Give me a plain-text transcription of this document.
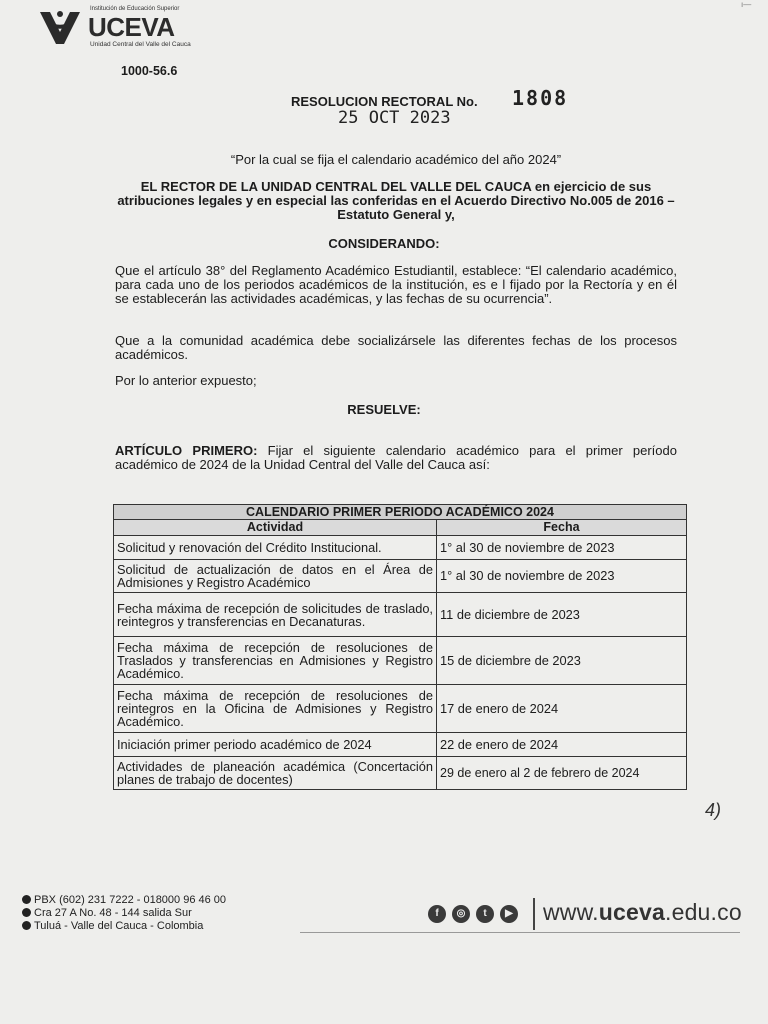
Institución de Educación Superior
UCEVA
Unidad Central del Valle del Cauca
ı—
1000-56.6
RESOLUCION RECTORAL No. 1808
25 OCT 2023
“Por la cual se fija el calendario académico del año 2024”
EL RECTOR DE LA UNIDAD CENTRAL DEL VALLE DEL CAUCA en ejercicio de sus atribuciones legales y en especial las conferidas en el Acuerdo Directivo No.005 de 2016 – Estatuto General y,
CONSIDERANDO:
Que el artículo 38° del Reglamento Académico Estudiantil, establece: “El calendario académico, para cada uno de los periodos académicos de la institución, es e l fijado por la Rectoría y en él se establecerán las actividades académicas, y las fechas de su ocurrencia”.
Que a la comunidad académica debe socializársele las diferentes fechas de los procesos académicos.
Por lo anterior expuesto;
RESUELVE:
ARTÍCULO PRIMERO: Fijar el siguiente calendario académico para el primer período académico de 2024 de la Unidad Central del Valle del Cauca así:
CALENDARIO PRIMER PERIODO ACADÉMICO 2024	
Actividad	Fecha
Solicitud y renovación del Crédito Institucional.	1° al 30 de noviembre de 2023
Solicitud de actualización de datos en el Área de Admisiones y Registro Académico	1° al 30 de noviembre de 2023
Fecha máxima de recepción de solicitudes de traslado, reintegros y transferencias en Decanaturas.	11 de diciembre de 2023
Fecha máxima de recepción de resoluciones de Traslados y transferencias en Admisiones y Registro Académico.	15 de diciembre de 2023
Fecha máxima de recepción de resoluciones de reintegros en la Oficina de Admisiones y Registro Académico.	17 de enero de 2024
Iniciación primer periodo académico de 2024	22 de enero de 2024
Actividades de planeación académica (Concertación planes de trabajo de docentes)	29 de enero al 2 de febrero de 2024
4)
PBX (602) 231 7222 - 018000 96 46 00
Cra 27 A No. 48 - 144 salida Sur
Tuluá - Valle del Cauca - Colombia
f	◎	t	▶ www.uceva.edu.co
